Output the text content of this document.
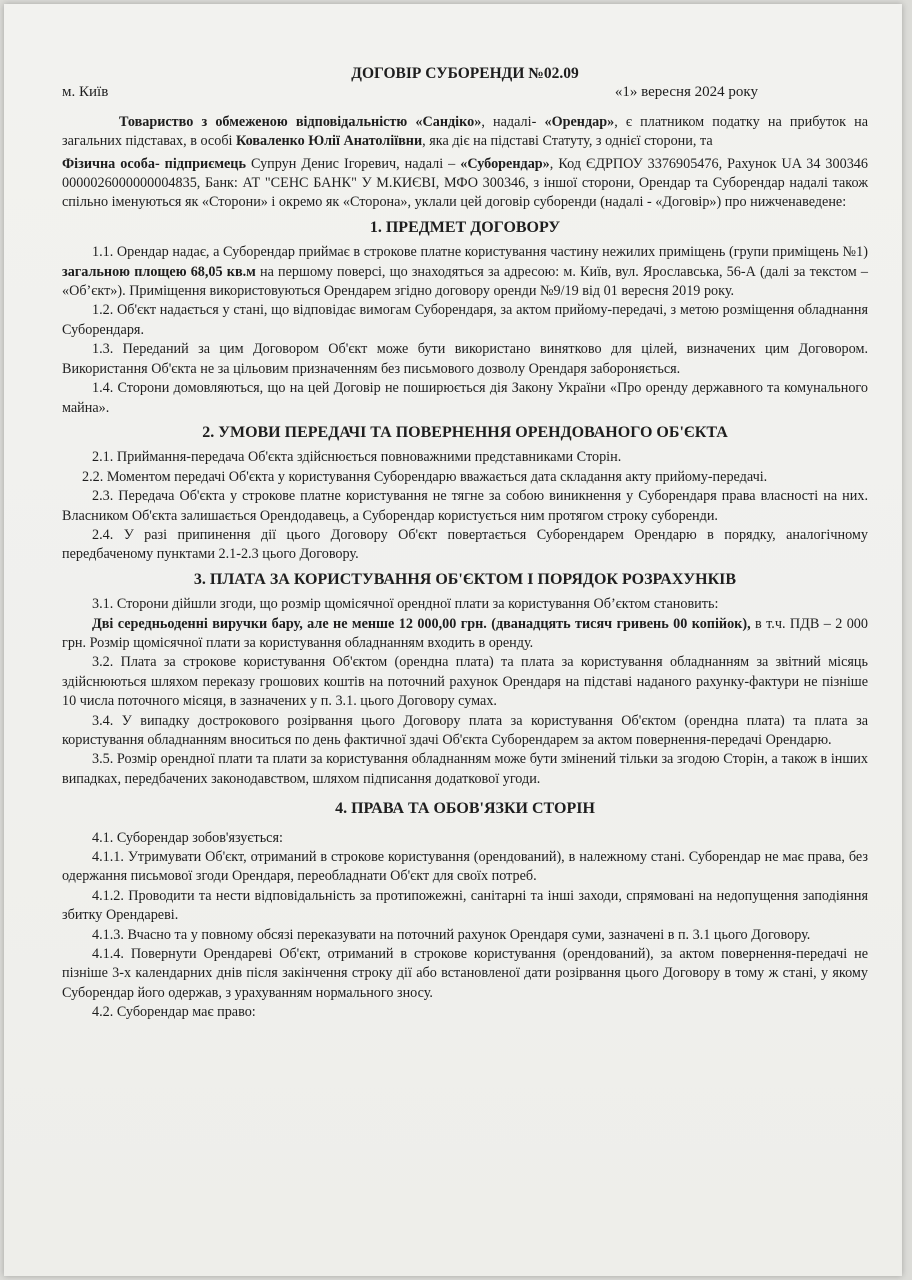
ДОГОВІР СУБОРЕНДИ №02.09
м. Київ	«1» вересня 2024 року

Товариство з обмеженою відповідальністю «Сандіко», надалі- «Орендар», є платником податку на прибуток на загальних підставах, в особі Коваленко Юлії Анатоліївни, яка діє на підставі Статуту, з однієї сторони, та

Фізична особа- підприємець Супрун Денис Ігоревич, надалі – «Суборендар», Код ЄДРПОУ 3376905476, Рахунок UA 34 300346 0000026000000004835, Банк: АТ "СЕНС БАНК" У М.КИЄВІ, МФО 300346, з іншої сторони, Орендар та Суборендар надалі також спільно іменуються як «Сторони» і окремо як «Сторона», уклали цей договір суборенди (надалі - «Договір») про нижченаведене:

1. ПРЕДМЕТ ДОГОВОРУ

1.1. Орендар надає, а Суборендар приймає в строкове платне користування частину нежилих приміщень (групи приміщень №1) загальною площею 68,05 кв.м на першому поверсі, що знаходяться за адресою: м. Київ, вул. Ярославська, 56-А (далі за текстом – «Об’єкт»). Приміщення використовуються Орендарем згідно договору оренди №9/19 від 01 вересня 2019 року.

1.2. Об'єкт надається у стані, що відповідає вимогам Суборендаря, за актом прийому-передачі, з метою розміщення обладнання Суборендаря.

1.3. Переданий за цим Договором Об'єкт може бути використано винятково для цілей, визначених цим Договором. Використання Об'єкта не за цільовим призначенням без письмового дозволу Орендаря забороняється.

1.4. Сторони домовляються, що на цей Договір не поширюється дія Закону України «Про оренду державного та комунального майна».

2. УМОВИ ПЕРЕДАЧІ ТА ПОВЕРНЕННЯ ОРЕНДОВАНОГО ОБ'ЄКТА

2.1. Приймання-передача Об'єкта здійснюється повноважними представниками Сторін.

2.2. Моментом передачі Об'єкта у користування Суборендарю вважається дата складання акту прийому-передачі.

2.3. Передача Об'єкта у строкове платне користування не тягне за собою виникнення у Суборендаря права власності на них. Власником Об'єкта залишається Орендодавець, а Суборендар користується ним протягом строку суборенди.

2.4. У разі припинення дії цього Договору Об'єкт повертається Суборендарем Орендарю в порядку, аналогічному передбаченому пунктами 2.1-2.3 цього Договору.

3. ПЛАТА ЗА КОРИСТУВАННЯ ОБ'ЄКТОМ І ПОРЯДОК РОЗРАХУНКІВ

3.1. Сторони дійшли згоди, що розмір щомісячної орендної плати за користування Об’єктом становить:

Дві середньоденні виручки бару, але не менше 12 000,00 грн. (дванадцять тисяч гривень 00 копійок), в т.ч. ПДВ – 2 000 грн. Розмір щомісячної плати за користування обладнанням входить в оренду.

3.2. Плата за строкове користування Об'єктом (орендна плата) та плата за користування обладнанням за звітний місяць здійснюються шляхом переказу грошових коштів на поточний рахунок Орендаря на підставі наданого рахунку-фактури не пізніше 10 числа поточного місяця, в зазначених у п. 3.1. цього Договору сумах.

3.4. У випадку дострокового розірвання цього Договору плата за користування Об'єктом (орендна плата) та плата за користування обладнанням вноситься по день фактичної здачі Об'єкта Суборендарем за актом повернення-передачі Орендарю.

3.5. Розмір орендної плати та плати за користування обладнанням може бути змінений тільки за згодою Сторін, а також в інших випадках, передбачених законодавством, шляхом підписання додаткової угоди.

4. ПРАВА ТА ОБОВ'ЯЗКИ СТОРІН

4.1. Суборендар зобов'язується:

4.1.1. Утримувати Об'єкт, отриманий в строкове користування (орендований), в належному стані. Суборендар не має права, без одержання письмової згоди Орендаря, переобладнати Об'єкт для своїх потреб.

4.1.2. Проводити та нести відповідальність за протипожежні, санітарні та інші заходи, спрямовані на недопущення заподіяння збитку Орендареві.

4.1.3. Вчасно та у повному обсязі переказувати на поточний рахунок Орендаря суми, зазначені в п. 3.1 цього Договору.

4.1.4. Повернути Орендареві Об'єкт, отриманий в строкове користування (орендований), за актом повернення-передачі не пізніше 3-х календарних днів після закінчення строку дії або встановленої дати розірвання цього Договору в тому ж стані, у якому Суборендар його одержав, з урахуванням нормального зносу.

4.2. Суборендар має право:
